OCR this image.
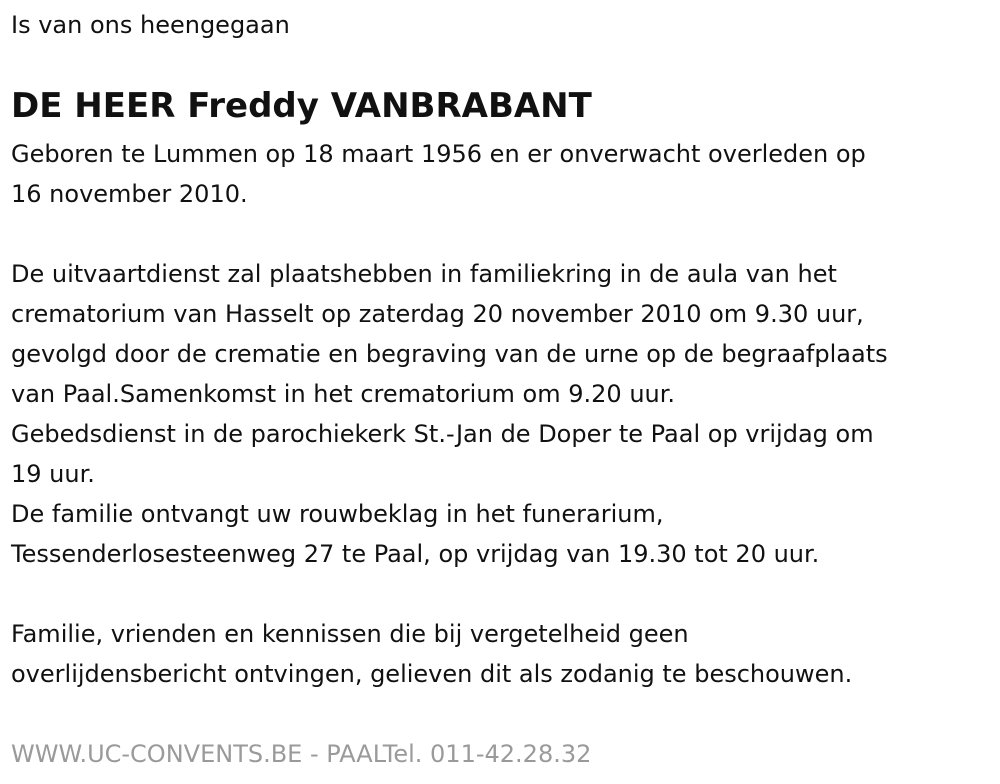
Is van ons heengegaan
DE HEER Freddy VANBRABANT
Geboren te Lummen op 18 maart 1956 en er onverwacht overleden op
16 november 2010.
De uitvaartdienst zal plaatshebben in familiekring in de aula van het
crematorium van Hasselt op zaterdag 20 november 2010 om 9.30 uur,
gevolgd door de crematie en begraving van de urne op de begraafplaats
van Paal.Samenkomst in het crematorium om 9.20 uur.
Gebedsdienst in de parochiekerk St.-Jan de Doper te Paal op vrijdag om
19 uur.
De familie ontvangt uw rouwbeklag in het funerarium,
Tessenderlosesteenweg 27 te Paal, op vrijdag van 19.30 tot 20 uur.
Familie, vrienden en kennissen die bij vergetelheid geen
overlijdensbericht ontvingen, gelieven dit als zodanig te beschouwen.
WWW.UC-CONVENTS.BE - PAALTel. 011-42.28.32
